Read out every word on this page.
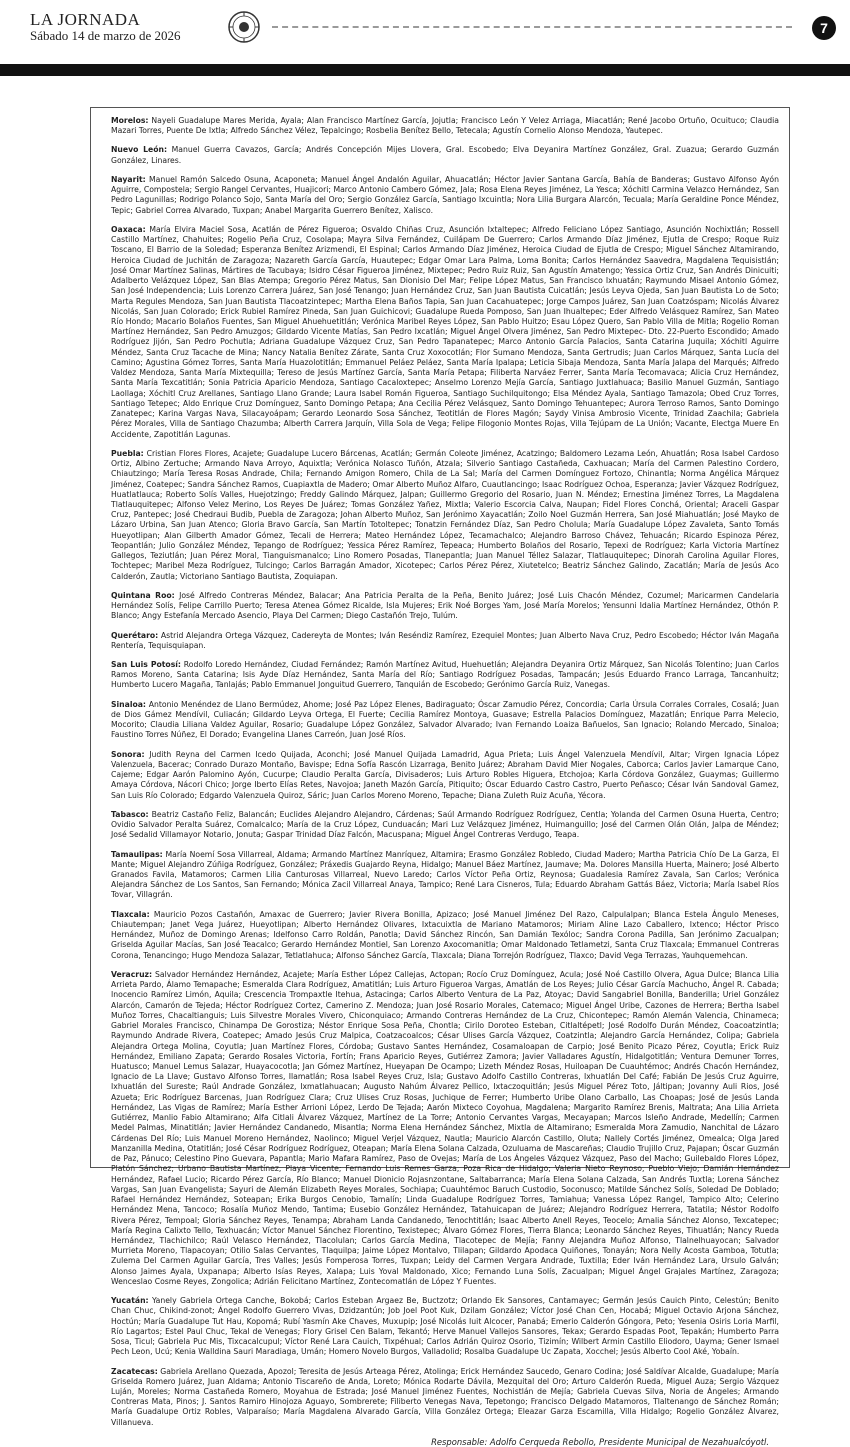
LA JORNADA
Sábado 14 de marzo de 2026	7

Morelos: Nayeli Guadalupe Mares Merida, Ayala; Alan Francisco Martínez García, Jojutla; Francisco León Y Velez Arriaga, Miacatlán; René Jacobo Ortuño, Ocuituco; Claudia Mazari Torres, Puente De Ixtla; Alfredo Sánchez Vélez, Tepalcingo; Rosbelia Benítez Bello, Tetecala; Agustín Cornelio Alonso Mendoza, Yautepec.

Nuevo León: Manuel Guerra Cavazos, García; Andrés Concepción Mijes Llovera, Gral. Escobedo; Elva Deyanira Martínez González, Gral. Zuazua; Gerardo Guzmán González, Linares.

Nayarit: Manuel Ramón Salcedo Osuna, Acaponeta; Manuel Ángel Andalón Aguilar, Ahuacatlán; Héctor Javier Santana García, Bahía de Banderas; Gustavo Alfonso Ayón Aguirre, Compostela; Sergio Rangel Cervantes, Huajicori; Marco Antonio Cambero Gómez, Jala; Rosa Elena Reyes Jiménez, La Yesca; Xóchitl Carmina Velazco Hernández, San Pedro Lagunillas; Rodrigo Polanco Sojo, Santa María del Oro; Sergio González García, Santiago Ixcuintla; Nora Lilia Burgara Alarcón, Tecuala; María Geraldine Ponce Méndez, Tepic; Gabriel Correa Alvarado, Tuxpan; Anabel Margarita Guerrero Benítez, Xalisco.

Oaxaca: María Elvira Maciel Sosa, Acatlán de Pérez Figueroa; Osvaldo Chiñas Cruz, Asunción Ixtaltepec; Alfredo Feliciano López Santiago, Asunción Nochixtlán; Rossell Castillo Martínez, Chahuites; Rogelio Peña Cruz, Cosolapa; Mayra Silva Fernández, Cuilápam De Guerrero; Carlos Armando Díaz Jiménez, Ejutla de Crespo; Roque Ruiz Toscano, El Barrio de la Soledad; Esperanza Benítez Arizmendi, El Espinal; Carlos Armando Díaz Jiménez, Heroica Ciudad de Ejutla de Crespo; Miguel Sánchez Altamirando, Heroica Ciudad de Juchitán de Zaragoza; Nazareth García García, Huautepec; Edgar Omar Lara Palma, Loma Bonita; Carlos Hernández Saavedra, Magdalena Tequisistlán; José Omar Martínez Salinas, Mártires de Tacubaya; Isidro César Figueroa Jiménez, Mixtepec; Pedro Ruiz Ruiz, San Agustín Amatengo; Yessica Ortiz Cruz, San Andrés Dinicuiti; Adalberto Velázquez López, San Blas Atempa; Gregorio Pérez Matus, San Dionisio Del Mar; Felipe López Matus, San Francisco Ixhuatán; Raymundo Misael Antonio Gómez, San José Independencia; Luis Lorenzo Carrera Juárez, San José Tenango; Juan Hernández Cruz, San Juan Bautista Cuicatlán; Jesús Leyva Ojeda, San Juan Bautista Lo de Soto; Marta Regules Mendoza, San Juan Bautista Tlacoatzintepec; Martha Elena Baños Tapia, San Juan Cacahuatepec; Jorge Campos Juárez, San Juan Coatzóspam; Nicolás Álvarez Nicolás, San Juan Colorado; Erick Rubiel Ramírez Pineda, San Juan Guichicovi; Guadalupe Rueda Pomposo, San Juan Ihualtepec; Eder Alfredo Velásquez Ramírez, San Mateo Río Hondo; Macario Bolaños Fuentes, San Miguel Ahuehuetitlán; Verónica Maribel Reyes López, San Pablo Huitzo; Esau López Quero, San Pablo Villa de Mitla; Rogelio Roman Martínez Hernández, San Pedro Amuzgos; Gildardo Vicente Matías, San Pedro Ixcatlán; Miguel Ángel Olvera Jiménez, San Pedro Mixtepec- Dto. 22-Puerto Escondido; Amado Rodríguez Jijón, San Pedro Pochutla; Adriana Guadalupe Vázquez Cruz, San Pedro Tapanatepec; Marco Antonio García Palacios, Santa Catarina Juquila; Xóchitl Aguirre Méndez, Santa Cruz Tacache de Mina; Nancy Natalia Benítez Zárate, Santa Cruz Xoxocotlán; Flor Sumano Mendoza, Santa Gertrudis; Juan Carlos Márquez, Santa Lucía del Camino; Agustina Gómez Torres, Santa María Huazolotitlán; Emmanuel Peláez Peláez, Santa María Ipalapa; Leticia Sibaja Mendoza, Santa María Jalapa del Marqués; Alfredo Valdez Mendoza, Santa María Mixtequilla; Tereso de Jesús Martínez García, Santa María Petapa; Filiberta Narváez Ferrer, Santa María Tecomavaca; Alicia Cruz Hernández, Santa María Texcatitlán; Sonia Patricia Aparicio Mendoza, Santiago Cacaloxtepec; Anselmo Lorenzo Mejía García, Santiago Juxtlahuaca; Basilio Manuel Guzmán, Santiago Laollaga; Xóchitl Cruz Arellanes, Santiago Llano Grande; Laura Isabel Román Figueroa, Santiago Suchilquitongo; Elsa Méndez Ayala, Santiago Tamazola; Obed Cruz Torres, Santiago Tetepec; Aldo Enrique Cruz Domínguez, Santo Domingo Petapa; Ana Cecilia Pérez Velásquez, Santo Domingo Tehuantepec; Aurora Terroso Ramos, Santo Domingo Zanatepec; Karina Vargas Nava, Silacayoápam; Gerardo Leonardo Sosa Sánchez, Teotitlán de Flores Magón; Saydy Vinisa Ambrosio Vicente, Trinidad Zaachila; Gabriela Pérez Morales, Villa de Santiago Chazumba; Alberth Carrera Jarquín, Villa Sola de Vega; Felipe Filogonio Montes Rojas, Villa Tejúpam de La Unión; Vacante, Electga Muere En Accidente, Zapotitlán Lagunas.

Puebla: Cristian Flores Flores, Acajete; Guadalupe Lucero Bárcenas, Acatlán; Germán Coleote Jiménez, Acatzingo; Baldomero Lezama León, Ahuatlán; Rosa Isabel Cardoso Ortiz, Albino Zertuche; Armando Nava Arroyo, Aquixtla; Verónica Nolasco Tuñón, Atzala; Silverio Santiago Castañeda, Caxhuacan; María del Carmen Palestino Cordero, Chiautzingo; María Teresa Rosas Andrade, Chila; Fernando Amigon Romero, Chila de La Sal; María del Carmen Domínguez Fortozo, Chinantla; Norma Angélica Márquez Jiménez, Coatepec; Sandra Sánchez Ramos, Cuapiaxtla de Madero; Omar Alberto Muñoz Alfaro, Cuautlancingo; Isaac Rodríguez Ochoa, Esperanza; Javier Vázquez Rodríguez, Huatlatlauca; Roberto Solís Valles, Huejotzingo; Freddy Galindo Márquez, Jalpan; Guillermo Gregorio del Rosario, Juan N. Méndez; Ernestina Jiménez Torres, La Magdalena Tlatlauquitepec; Alfonso Velez Merino, Los Reyes De Juárez; Tomas González Yañez, Mixtla; Valerio Escorcia Calva, Naupan; Fidel Flores Conchá, Oriental; Araceli Gaspar Cruz, Pantepec; José Chedraui Budib, Puebla de Zaragoza; Johan Alberto Muñoz, San Jerónimo Xayacatlán; Zoilo Noel Guzmán Herrera, San José Miahuatlán; José Mayko de Lázaro Urbina, San Juan Atenco; Gloria Bravo García, San Martín Totoltepec; Tonatzin Fernández Díaz, San Pedro Cholula; María Guadalupe López Zavaleta, Santo Tomás Hueyotlipan; Alan Gilberth Amador Gómez, Tecali de Herrera; Mateo Hernández López, Tecamachalco; Alejandro Barroso Chávez, Tehuacán; Ricardo Espinoza Pérez, Teopantlán; Julio González Méndez, Tepango de Rodríguez; Yessica Pérez Ramírez, Tepeaca; Humberto Bolaños del Rosario, Tepexi de Rodríguez; Karla Victoria Martínez Gallegos, Teziutlán; Juan Pérez Moral, Tianguismanalco; Lino Romero Posadas, Tlanepantla; Juan Manuel Téllez Salazar, Tlatlauquitepec; Dinorah Carolina Aguilar Flores, Tochtepec; Maribel Meza Rodríguez, Tulcingo; Carlos Barragán Amador, Xicotepec; Carlos Pérez Pérez, Xiutetelco; Beatriz Sánchez Galindo, Zacatlán; María de Jesús Aco Calderón, Zautla; Victoriano Santiago Bautista, Zoquiapan.

Quintana Roo: José Alfredo Contreras Méndez, Balacar; Ana Patricia Peralta de la Peña, Benito Juárez; José Luis Chacón Méndez, Cozumel; Maricarmen Candelaria Hernández Solís, Felipe Carrillo Puerto; Teresa Atenea Gómez Ricalde, Isla Mujeres; Erik Noé Borges Yam, José María Morelos; Yensunni Idalia Martínez Hernández, Othón P. Blanco; Angy Estefanía Mercado Asencio, Playa Del Carmen; Diego Castañón Trejo, Tulúm.

Querétaro: Astrid Alejandra Ortega Vázquez, Cadereyta de Montes; Iván Reséndiz Ramírez, Ezequiel Montes; Juan Alberto Nava Cruz, Pedro Escobedo; Héctor Iván Magaña Rentería, Tequisquiapan.

San Luis Potosí: Rodolfo Loredo Hernández, Ciudad Fernández; Ramón Martínez Avitud, Huehuetlán; Alejandra Deyanira Ortiz Márquez, San Nicolás Tolentino; Juan Carlos Ramos Moreno, Santa Catarina; Isis Ayde Díaz Hernández, Santa María del Río; Santiago Rodríguez Posadas, Tampacán; Jesús Eduardo Franco Larraga, Tancanhuitz; Humberto Lucero Magaña, Tanlajás; Pablo Emmanuel Jonguitud Guerrero, Tanquián de Escobedo; Gerónimo García Ruiz, Vanegas.

Sinaloa: Antonio Menéndez de Llano Bermúdez, Ahome; José Paz López Elenes, Badiraguato; Óscar Zamudio Pérez, Concordia; Carla Úrsula Corrales Corrales, Cosalá; Juan de Dios Gámez Mendívil, Culiacán; Gildardo Leyva Ortega, El Fuerte; Cecilia Ramírez Montoya, Guasave; Estrella Palacios Domínguez, Mazatlán; Enrique Parra Melecio, Mocorito; Claudia Liliana Valdez Aguilar, Rosario; Guadalupe López González, Salvador Alvarado; Ivan Fernando Loaiza Bañuelos, San Ignacio; Rolando Mercado, Sinaloa; Faustino Torres Núñez, El Dorado; Evangelina Llanes Carreón, Juan José Ríos.

Sonora: Judith Reyna del Carmen Icedo Quijada, Aconchi; José Manuel Quijada Lamadrid, Agua Prieta; Luis Ángel Valenzuela Mendívil, Altar; Virgen Ignacia López Valenzuela, Bacerac; Conrado Durazo Montaño, Bavispe; Edna Sofía Rascón Lizarraga, Benito Juárez; Abraham David Mier Nogales, Caborca; Carlos Javier Lamarque Cano, Cajeme; Edgar Aarón Palomino Ayón, Cucurpe; Claudio Peralta García, Divisaderos; Luis Arturo Robles Higuera, Etchojoa; Karla Córdova González, Guaymas; Guillermo Amaya Córdova, Nácori Chico; Jorge Iberto Elías Retes, Navojoa; Janeth Mazón García, Pitiquito; Óscar Eduardo Castro Castro, Puerto Peñasco; César Iván Sandoval Gamez, San Luis Río Colorado; Edgardo Valenzuela Quiroz, Sáric; Juan Carlos Moreno Moreno, Tepache; Diana Zuleth Ruiz Acuña, Yécora.

Tabasco: Beatriz Castaño Feliz, Balancán; Euclides Alejandro Alejandro, Cárdenas; Saúl Armando Rodríguez Rodríguez, Centla; Yolanda del Carmen Osuna Huerta, Centro; Ovidio Salvador Peralta Suárez, Comalcalco; María de la Cruz López, Cunduacán; Mari Luz Velázquez Jiménez, Huimanguillo; José del Carmen Olán Olán, Jalpa de Méndez; José Sedalid Villamayor Notario, Jonuta; Gaspar Trinidad Díaz Falcón, Macuspana; Miguel Ángel Contreras Verdugo, Teapa.

Tamaulipas: María Noemí Sosa Villarreal, Aldama; Armando Martínez Manríquez, Altamira; Erasmo González Robledo, Ciudad Madero; Martha Patricia Chío De La Garza, El Mante; Miguel Alejandro Zúñiga Rodríguez, González; Práxedis Guajardo Reyna, Hidalgo; Manuel Báez Martínez, Jaumave; Ma. Dolores Mansilla Huerta, Mainero; José Alberto Granados Favila, Matamoros; Carmen Lilia Canturosas Villarreal, Nuevo Laredo; Carlos Víctor Peña Ortiz, Reynosa; Guadalesia Ramírez Zavala, San Carlos; Verónica Alejandra Sánchez de Los Santos, San Fernando; Mónica Zacil Villarreal Anaya, Tampico; René Lara Cisneros, Tula; Eduardo Abraham Gattás Báez, Victoria; María Isabel Ríos Tovar, Villagrán.

Tlaxcala: Mauricio Pozos Castañón, Amaxac de Guerrero; Javier Rivera Bonilla, Apizaco; José Manuel Jiménez Del Razo, Calpulalpan; Blanca Estela Ángulo Meneses, Chiautempan; Janet Vega Juárez, Hueyotlipan; Alberto Hernández Olivares, Ixtacuixtla de Mariano Matamoros; Miriam Aline Lazo Caballero, Ixtenco; Héctor Prisco Hernández, Muñoz de Domingo Arenas; Idelfonso Carro Roldán, Panotla; David Sánchez Rincón, San Damián Texóloc; Sandra Corona Padilla, San Jerónimo Zacualpan; Griselda Aguilar Macías, San José Teacalco; Gerardo Hernández Montiel, San Lorenzo Axocomanitla; Omar Maldonado Tetlametzi, Santa Cruz Tlaxcala; Emmanuel Contreras Corona, Tenancingo; Hugo Mendoza Salazar, Tetlatlahuca; Alfonso Sánchez García, Tlaxcala; Diana Torrejón Rodríguez, Tlaxco; David Vega Terrazas, Yauhquemehcan.

Veracruz: Salvador Hernández Hernández, Acajete; María Esther López Callejas, Actopan; Rocío Cruz Domínguez, Acula; José Noé Castillo Olvera, Agua Dulce; Blanca Lilia Arrieta Pardo, Álamo Temapache; Esmeralda Clara Rodríguez, Amatitlán; Luis Arturo Figueroa Vargas, Amatlán de Los Reyes; Julio César García Machucho, Ángel R. Cabada; Inocencio Ramírez Limón, Aquila; Crescencia Trompaxtle Itehua, Astacinga; Carlos Alberto Ventura de La Paz, Atoyac; David Sangabriel Bonilla, Banderilla; Uriel González Alarcón, Camarón de Tejeda; Héctor Rodríguez Cortez, Camerino Z. Mendoza; Juan José Rosario Morales, Catemaco; Miguel Ángel Uribe, Cazones de Herrera; Bertha Isabel Muñoz Torres, Chacaltianguis; Luis Silvestre Morales Vivero, Chiconquiaco; Armando Contreras Hernández de La Cruz, Chicontepec; Ramón Alemán Valencia, Chinameca; Gabriel Morales Francisco, Chinampa De Gorostiza; Néstor Enrique Sosa Peña, Chontla; Cirilo Doroteo Esteban, Citlaltépetl; José Rodolfo Durán Méndez, Coacoatzintla; Raymundo Andrade Rivera, Coatepec; Amado Jesús Cruz Malpica, Coatzacoalcos; César Ulises García Vázquez, Coatzintla; Alejandro García Hernández, Colipa; Gabriela Alejandra Ortega Molina, Coyutla; Juan Martínez Flores, Córdoba; Gustavo Santes Hernández, Cosamaloapan de Carpio; José Benito Picazo Pérez, Coyutla; Erick Ruiz Hernández, Emiliano Zapata; Gerardo Rosales Victoria, Fortín; Frans Aparicio Reyes, Gutiérrez Zamora; Javier Valladares Agustín, Hidalgotitlán; Ventura Demuner Torres, Huatusco; Manuel Lemus Salazar, Huayacocotla; Jan Gómez Martínez, Hueyapan De Ocampo; Lizeth Méndez Rosas, Huiloapan De Cuauhtémoc; Andrés Chacón Hernández, Ignacio de La Llave; Gustavo Alfonso Torres, Ilamatlán; Rosa Isabel Reyes Cruz, Isla; Gustavo Adolfo Castillo Contreras, Ixhuatlán Del Café; Fabián De Jesús Cruz Aguirre, Ixhuatlán del Sureste; Raúl Andrade González, Ixmatlahuacan; Augusto Nahúm Álvarez Pellico, Ixtaczoquitlán; Jesús Miguel Pérez Toto, Jáltipan; Jovanny Auli Rios, José Azueta; Eric Rodríguez Barcenas, Juan Rodríguez Clara; Cruz Ulises Cruz Rosas, Juchique de Ferrer; Humberto Uribe Olano Carballo, Las Choapas; José de Jesús Landa Hernández, Las Vigas de Ramírez; María Esther Arrioni López, Lerdo De Tejada; Aarón Mixteco Coyohua, Magdalena; Margarito Ramírez Brenis, Maltrata; Ana Lilia Arrieta Gutiérrez, Manlio Fabio Altamirano; Alfa Citlali Álvarez Vázquez, Martínez de La Torre; Antonio Cervantes Vargas, Mecayapan; Marcos Isleño Andrade, Medellín; Carmen Medel Palmas, Minatitlán; Javier Hernández Candanedo, Misantla; Norma Elena Hernández Sánchez, Mixtla de Altamirano; Esmeralda Mora Zamudio, Nanchital de Lázaro Cárdenas Del Río; Luis Manuel Moreno Hernández, Naolinco; Miguel Verjel Vázquez, Nautla; Mauricio Alarcón Castillo, Oluta; Nallely Cortés Jiménez, Omealca; Olga Jared Manzanilla Medina, Otatitlán; José César Rodríguez Rodríguez, Oteapan; María Elena Solana Calzada, Ozuluama de Mascareñas; Claudio Trujillo Cruz, Pajapan; Óscar Guzmán de Paz, Pánuco; Celestino Pino Guevara, Papantla; Mario Mafara Ramírez, Paso de Ovejas; María de Los Ángeles Vázquez Vázquez, Paso del Macho; Guilebaldo Flores López, Platón Sánchez; Urbano Bautista Martínez, Playa Vicente; Fernando Luis Remes Garza, Poza Rica de Hidalgo; Valeria Nieto Reynoso, Pueblo Viejo; Damián Hernández Hernández, Rafael Lucio; Ricardo Pérez García, Río Blanco; Manuel Dionicio Rojasnzontane, Saltabarranca; María Elena Solana Calzada, San Andrés Tuxtla; Lorena Sánchez Vargas, San Juan Evangelista; Sayuri de Alemán Elizabeth Reyes Morales, Sochiapa; Cuauhtémoc Baruch Custodio, Soconusco; Matilde Sánchez Solís, Soledad De Doblado; Rafael Hernández Hernández, Soteapan; Erika Burgos Cenobio, Tamalín; Linda Guadalupe Rodríguez Torres, Tamiahua; Vanessa López Rangel, Tampico Alto; Celerino Hernández Mena, Tancoco; Rosalía Muñoz Mendo, Tantima; Eusebio González Hernández, Tatahuicapan de Juárez; Alejandro Rodríguez Herrera, Tatatila; Néstor Rodolfo Rivera Pérez, Tempoal; Gloria Sánchez Reyes, Tenampa; Abraham Landa Candanedo, Tenochtitlán; Isaac Alberto Anell Reyes, Teocelo; Amalia Sánchez Alonso, Texcatepec; María Regina Calixto Tello, Texhuacán; Víctor Manuel Sánchez Florentino, Texistepec; Álvaro Gómez Flores, Tierra Blanca; Leonardo Sánchez Reyes, Tihuatlán; Nancy Rueda Hernández, Tlachichilco; Raúl Velasco Hernández, Tlacolulan; Carlos García Medina, Tlacotepec de Mejía; Fanny Alejandra Muñoz Alfonso, Tlalnelhuayocan; Salvador Murrieta Moreno, Tlapacoyan; Otilio Salas Cervantes, Tlaquilpa; Jaime López Montalvo, Tlilapan; Gildardo Apodaca Quiñones, Tonayán; Nora Nelly Acosta Gamboa, Totutla; Zulema Del Carmen Aguilar García, Tres Valles; Jesús Fomperosa Torres, Tuxpan; Leidy del Carmen Vergara Andrade, Tuxtilla; Eder Iván Hernández Lara, Ursulo Galván; Alonso Jaimes Ayala, Uxpanapa; Alberto Isías Reyes, Xalapa; Luis Yoval Maldonado, Xico; Fernando Luna Solís, Zacualpan; Miguel Ángel Grajales Martínez, Zaragoza; Wenceslao Cosme Reyes, Zongolica; Adrián Felicitano Martínez, Zontecomatlán de López Y Fuentes.

Yucatán: Yanely Gabriela Ortega Canche, Bokobá; Carlos Esteban Argaez Be, Buctzotz; Orlando Ek Sansores, Cantamayec; Germán Jesús Cauich Pinto, Celestún; Benito Chan Chuc, Chikind-zonot; Ángel Rodolfo Guerrero Vivas, Dzidzantún; Job Joel Poot Kuk, Dzilam González; Víctor José Chan Cen, Hocabá; Miguel Octavio Arjona Sánchez, Hoctún; María Guadalupe Tut Hau, Kopomá; Rubí Yasmín Ake Chaves, Muxupip; José Nicolás Iuit Alcocer, Panabá; Emerio Calderón Góngora, Peto; Yesenia Osiris Loria Marfil, Río Lagartos; Estel Paul Chuc, Tekal de Venegas; Flory Grisel Cen Balam, Tekantó; Herve Manuel Vallejos Sansores, Tekax; Gerardo Espadas Poot, Tepakán; Humberto Parra Sosa, Ticul; Gabriela Puc Mis, Tixcacalcupul; Víctor René Lara Cauich, Tixpéhual; Carlos Adrián Quiroz Osorio, Tizimín; Wilbert Armin Castillo Eliodoro, Uayma; Gener Ismael Pech Leon, Ucú; Kenia Walldina Sauri Maradiaga, Umán; Homero Novelo Burgos, Valladolid; Rosalba Guadalupe Uc Zapata, Xocchel; Jesús Alberto Cool Aké, Yobaín.

Zacatecas: Gabriela Arellano Quezada, Apozol; Teresita de Jesús Arteaga Pérez, Atolinga; Erick Hernández Saucedo, Genaro Codina; José Saldívar Alcalde, Guadalupe; María Griselda Romero Juárez, Juan Aldama; Antonio Tiscareño de Anda, Loreto; Mónica Rodarte Dávila, Mezquital del Oro; Arturo Calderón Rueda, Miguel Auza; Sergio Vázquez Luján, Moreles; Norma Castañeda Romero, Moyahua de Estrada; José Manuel Jiménez Fuentes, Nochistlán de Mejía; Gabriela Cuevas Silva, Noria de Ángeles; Armando Contreras Mata, Pinos; J. Santos Ramiro Hinojoza Aguayo, Sombrerete; Filiberto Venegas Nava, Tepetongo; Francisco Delgado Matamoros, Tlaltenango de Sánchez Román; María Guadalupe Ortiz Robles, Valparaíso; María Magdalena Alvarado García, Villa González Ortega; Eleazar Garza Escamilla, Villa Hidalgo; Rogelio González Álvarez, Villanueva.

Responsable: Adolfo Cerqueda Rebollo, Presidente Municipal de Nezahualcóyotl.
